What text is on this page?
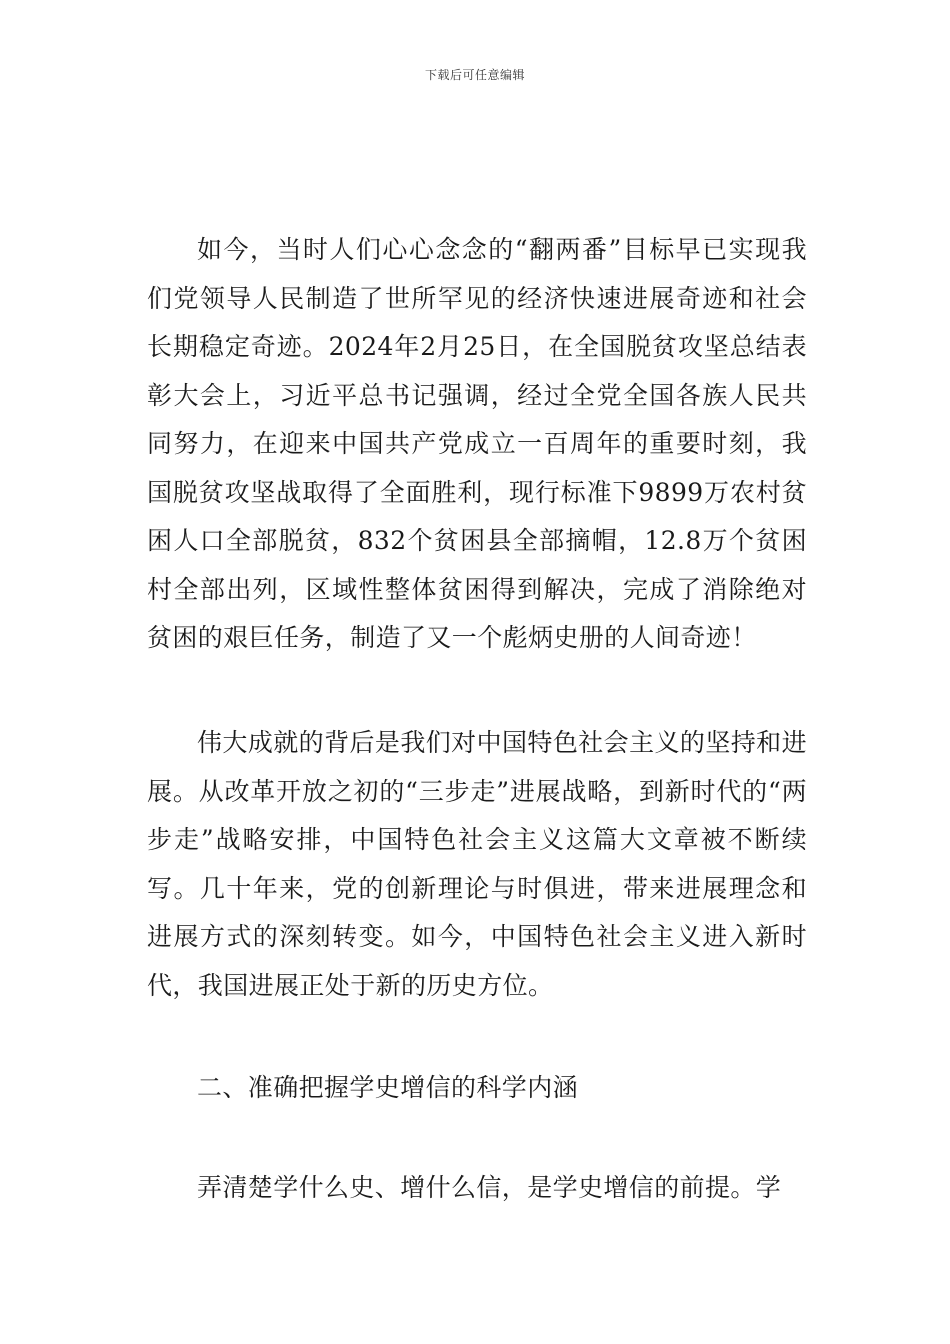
下载后可任意编辑

如今，当时人们心心念念的“翻两番”目标早已实现我们党领导人民制造了世所罕见的经济快速进展奇迹和社会长期稳定奇迹。2024年2月25日，在全国脱贫攻坚总结表彰大会上，习近平总书记强调，经过全党全国各族人民共同努力，在迎来中国共产党成立一百周年的重要时刻，我国脱贫攻坚战取得了全面胜利，现行标准下9899万农村贫困人口全部脱贫，832个贫困县全部摘帽，12.8万个贫困村全部出列，区域性整体贫困得到解决，完成了消除绝对贫困的艰巨任务，制造了又一个彪炳史册的人间奇迹！

伟大成就的背后是我们对中国特色社会主义的坚持和进展。从改革开放之初的“三步走”进展战略，到新时代的“两步走”战略安排，中国特色社会主义这篇大文章被不断续写。几十年来，党的创新理论与时俱进，带来进展理念和进展方式的深刻转变。如今，中国特色社会主义进入新时代，我国进展正处于新的历史方位。

二、准确把握学史增信的科学内涵

弄清楚学什么史、增什么信，是学史增信的前提。学
